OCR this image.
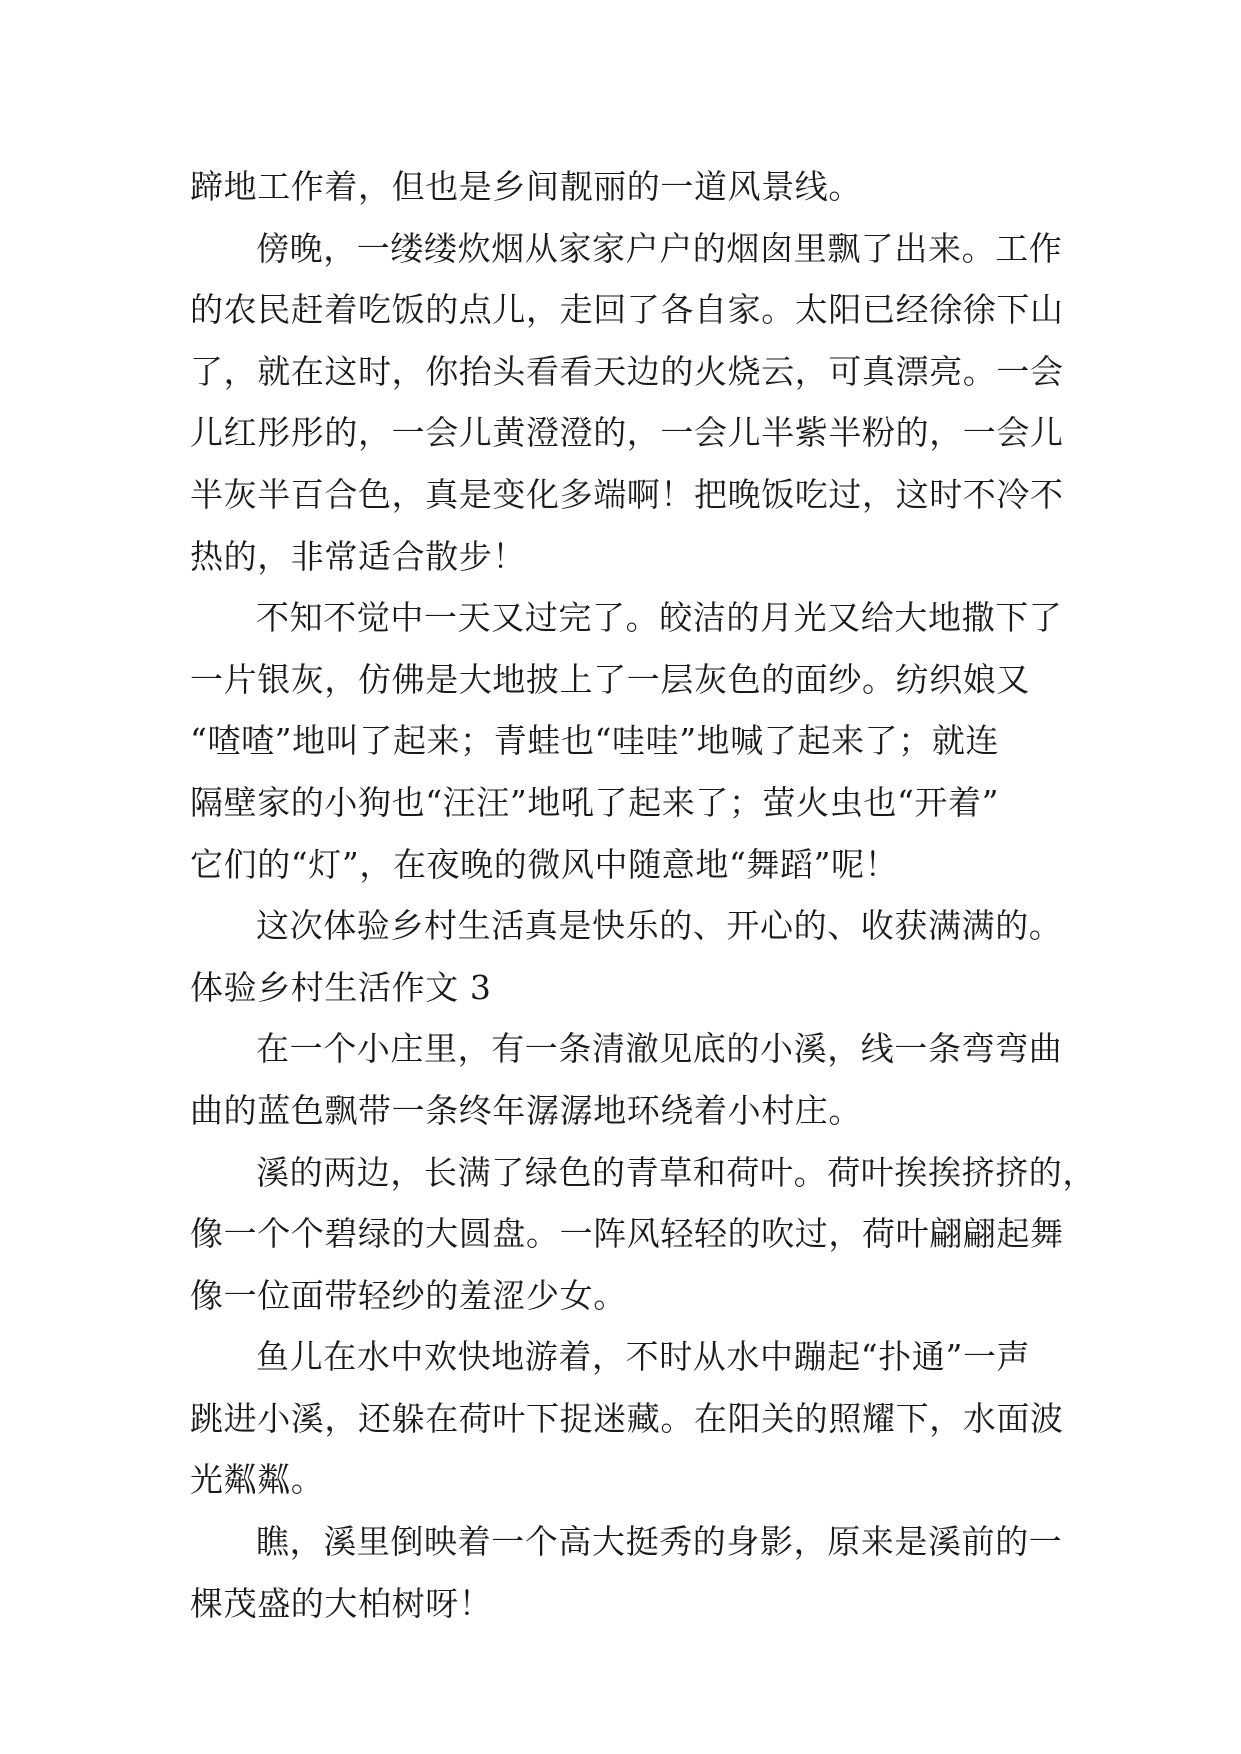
蹄地工作着，但也是乡间靓丽的一道风景线。

傍晚，一缕缕炊烟从家家户户的烟囱里飘了出来。工作
的农民赶着吃饭的点儿，走回了各自家。太阳已经徐徐下山
了，就在这时，你抬头看看天边的火烧云，可真漂亮。一会
儿红彤彤的，一会儿黄澄澄的，一会儿半紫半粉的，一会儿
半灰半百合色，真是变化多端啊！把晚饭吃过，这时不冷不
热的，非常适合散步！

不知不觉中一天又过完了。皎洁的月光又给大地撒下了
一片银灰，仿佛是大地披上了一层灰色的面纱。纺织娘又
“喳喳”地叫了起来；青蛙也“哇哇”地喊了起来了；就连
隔壁家的小狗也“汪汪”地吼了起来了；萤火虫也“开着”
它们的“灯”，在夜晚的微风中随意地“舞蹈”呢！

这次体验乡村生活真是快乐的、开心的、收获满满的。

体验乡村生活作文 3

在一个小庄里，有一条清澈见底的小溪，线一条弯弯曲
曲的蓝色飘带一条终年潺潺地环绕着小村庄。

溪的两边，长满了绿色的青草和荷叶。荷叶挨挨挤挤的，
像一个个碧绿的大圆盘。一阵风轻轻的吹过，荷叶翩翩起舞
像一位面带轻纱的羞涩少女。

鱼儿在水中欢快地游着，不时从水中蹦起“扑通”一声
跳进小溪，还躲在荷叶下捉迷藏。在阳关的照耀下，水面波
光粼粼。

瞧，溪里倒映着一个高大挺秀的身影，原来是溪前的一
棵茂盛的大柏树呀！
